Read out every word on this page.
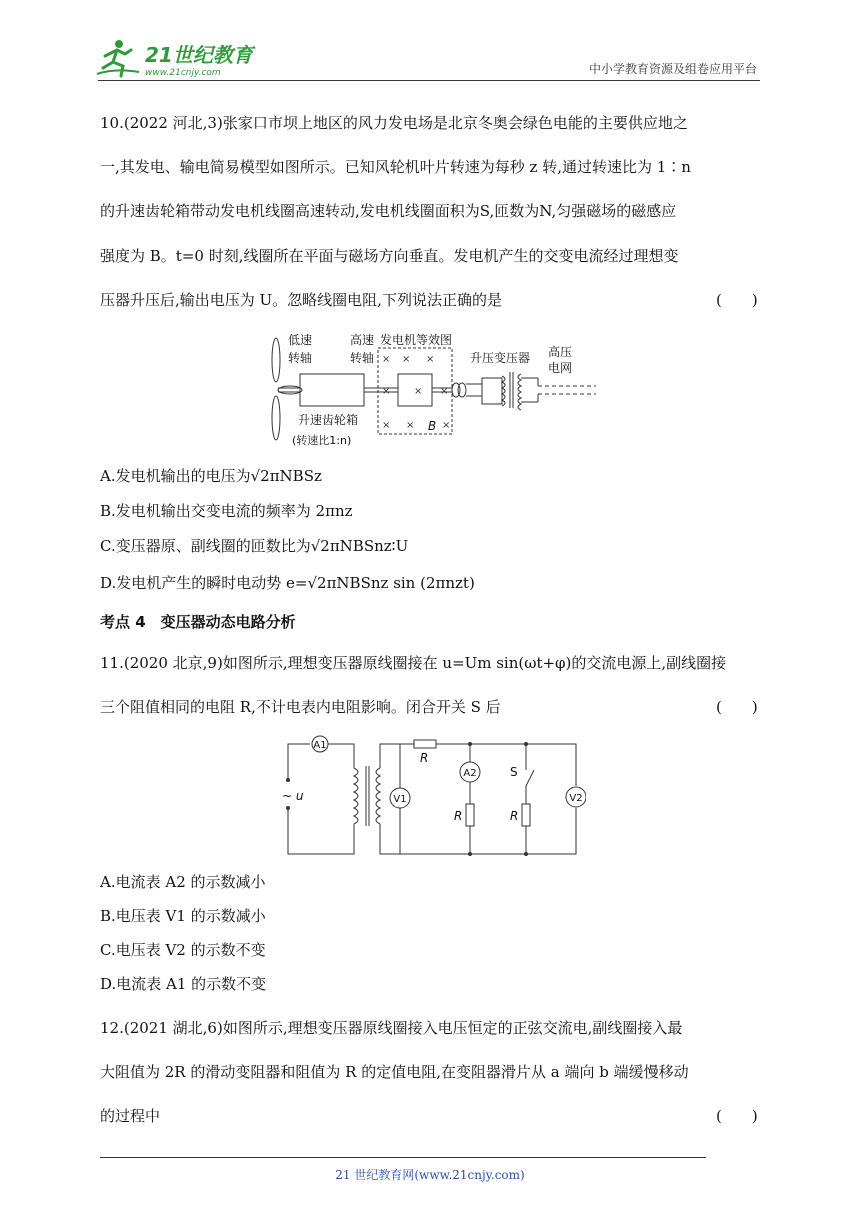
21世纪教育
www.21cnjy.com	中小学教育资源及组卷应用平台
10.(2022 河北,3)张家口市坝上地区的风力发电场是北京冬奥会绿色电能的主要供应地之
一,其发电、输电简易模型如图所示。已知风轮机叶片转速为每秒 z 转,通过转速比为 1∶n
的升速齿轮箱带动发电机线圈高速转动,发电机线圈面积为S,匝数为N,匀强磁场的磁感应
强度为 B。t=0 时刻,线圈所在平面与磁场方向垂直。发电机产生的交变电流经过理想变
压器升压后,输出电压为 U。忽略线圈电阻,下列说法正确的是	(　　)
× × ×
× × ×
× ×	×
低速
转轴
高速
转轴
发电机等效图
升压变压器 高压
电网
升速齿轮箱
(转速比1:n)
B
A.发电机输出的电压为√2πNBSz
B.发电机输出交变电流的频率为 2πnz
C.变压器原、副线圈的匝数比为√2πNBSnz∶U
D.发电机产生的瞬时电动势 e=√2πNBSnz sin (2πnzt)
考点 4　变压器动态电路分析
11.(2020 北京,9)如图所示,理想变压器原线圈接在 u=Um sin(ωt+φ)的交流电源上,副线圈接
三个阻值相同的电阻 R,不计电表内电阻影响。闭合开关 S 后	(　　)
A1
A2
V1	V2
~ u
R
R	R
S
A.电流表 A2 的示数减小
B.电压表 V1 的示数减小
C.电压表 V2 的示数不变
D.电流表 A1 的示数不变
12.(2021 湖北,6)如图所示,理想变压器原线圈接入电压恒定的正弦交流电,副线圈接入最
大阻值为 2R 的滑动变阻器和阻值为 R 的定值电阻,在变阻器滑片从 a 端向 b 端缓慢移动
的过程中	(　　)
21 世纪教育网(www.21cnjy.com)
